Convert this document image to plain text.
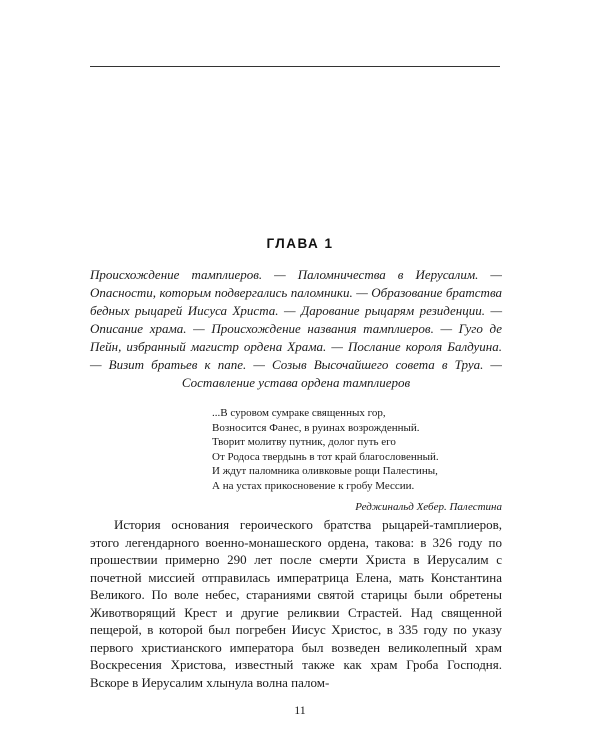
ГЛАВА 1
Происхождение тамплиеров. — Паломничества в Иерусалим. — Опасности, которым подвергались паломники. — Образование братства бедных рыцарей Иисуса Христа. — Дарование рыцарям резиденции. — Описание храма. — Происхождение названия тамплиеров. — Гуго де Пейн, избранный магистр ордена Храма. — Послание короля Балдуина. — Визит братьев к папе. — Созыв Высочайшего совета в Труа. — Составление устава ордена тамплиеров
...В суровом сумраке священных гор,
Возносится Фанес, в руинах возрожденный.
Творит молитву путник, долог путь его
От Родоса твердынь в тот край благословенный.
И ждут паломника оливковые рощи Палестины,
А на устах прикосновение к гробу Мессии.
Реджинальд Хебер. Палестина
История основания героического братства рыцарей-тамплиеров, этого легендарного военно-монашеского ордена, такова: в 326 году по прошествии примерно 290 лет после смерти Христа в Иерусалим с почетной миссией отправилась императрица Елена, мать Константина Великого. По воле небес, стараниями святой старицы были обретены Животворящий Крест и другие реликвии Страстей. Над священной пещерой, в которой был погребен Иисус Христос, в 335 году по указу первого христианского императора был возведен великолепный храм Воскресения Христова, известный также как храм Гроба Господня. Вскоре в Иерусалим хлынула волна палом-
11
